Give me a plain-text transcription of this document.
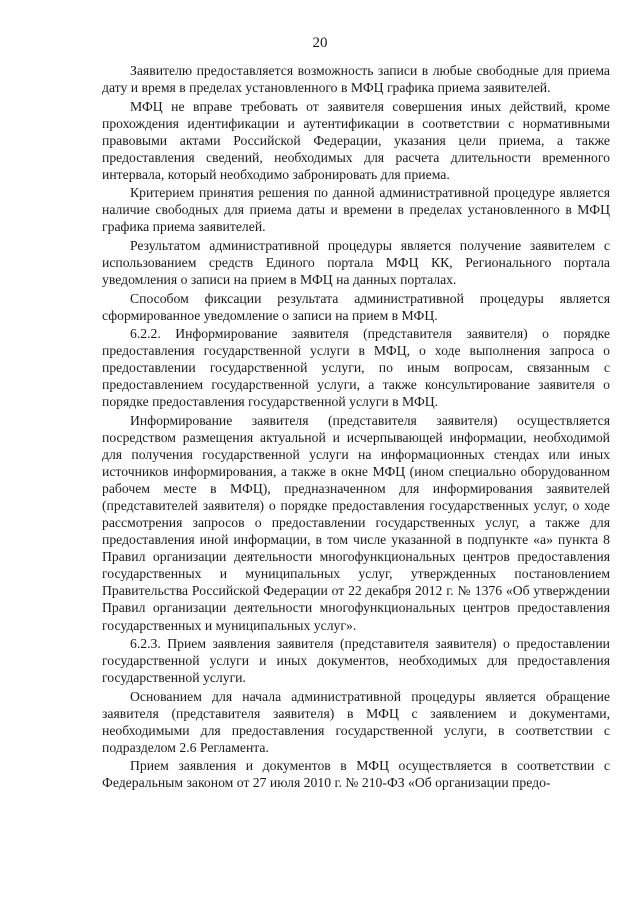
20

Заявителю предоставляется возможность записи в любые свободные для приема дату и время в пределах установленного в МФЦ графика приема заявителей.

МФЦ не вправе требовать от заявителя совершения иных действий, кроме прохождения идентификации и аутентификации в соответствии с нормативными правовыми актами Российской Федерации, указания цели приема, а также предоставления сведений, необходимых для расчета длительности временного интервала, который необходимо забронировать для приема.

Критерием принятия решения по данной административной процедуре является наличие свободных для приема даты и времени в пределах установленного в МФЦ графика приема заявителей.

Результатом административной процедуры является получение заявителем с использованием средств Единого портала МФЦ КК, Регионального портала уведомления о записи на прием в МФЦ на данных порталах.

Способом фиксации результата административной процедуры является сформированное уведомление о записи на прием в МФЦ.

6.2.2. Информирование заявителя (представителя заявителя) о порядке предоставления государственной услуги в МФЦ, о ходе выполнения запроса о предоставлении государственной услуги, по иным вопросам, связанным с предоставлением государственной услуги, а также консультирование заявителя о порядке предоставления государственной услуги в МФЦ.

Информирование заявителя (представителя заявителя) осуществляется посредством размещения актуальной и исчерпывающей информации, необходимой для получения государственной услуги на информационных стендах или иных источников информирования, а также в окне МФЦ (ином специально оборудованном рабочем месте в МФЦ), предназначенном для информирования заявителей (представителей заявителя) о порядке предоставления государственных услуг, о ходе рассмотрения запросов о предоставлении государственных услуг, а также для предоставления иной информации, в том числе указанной в подпункте «а» пункта 8 Правил организации деятельности многофункциональных центров предоставления государственных и муниципальных услуг, утвержденных постановлением Правительства Российской Федерации от 22 декабря 2012 г. № 1376 «Об утверждении Правил организации деятельности многофункциональных центров предоставления государственных и муниципальных услуг».

6.2.3. Прием заявления заявителя (представителя заявителя) о предоставлении государственной услуги и иных документов, необходимых для предоставления государственной услуги.

Основанием для начала административной процедуры является обращение заявителя (представителя заявителя) в МФЦ с заявлением и документами, необходимыми для предоставления государственной услуги, в соответствии с подразделом 2.6 Регламента.

Прием заявления и документов в МФЦ осуществляется в соответствии с Федеральным законом от 27 июля 2010 г. № 210-ФЗ «Об организации предо-
